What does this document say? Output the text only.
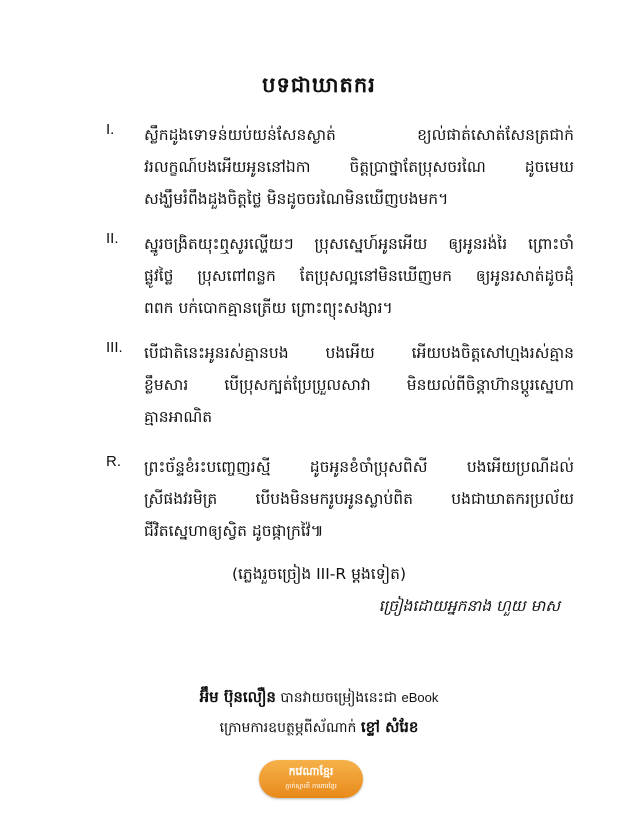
បទជាឃាតករ
I.	ស្លឹកដូងទោទន់យប់យន់សែនស្ងាត់ ខ្យល់ផាត់សោត់សែនត្រជាក់
វរលក្ខណ៍បងអើយអូននៅឯកា ចិត្តប្រាថ្នាតែប្រុសចរណៃ ដូចមេឃ
សង្ឃឹមរំពឹងដួងចិត្តថ្លៃ មិនដូចចរណៃមិនឃើញបងមក។
II.	ស្នូរចង្រិតយុះឮសូរល្ហើយៗ ប្រុសស្នេហ៍អូនអើយ ឲ្យអូនរង់រៃ ព្រោះចាំ
ផ្លូវថ្លៃ ប្រុសពៅពន្លក តែប្រុសល្អនៅមិនឃើញមក ឲ្យអូនរសាត់ដូចដុំ
ពពក បក់បោកគ្មានត្រើយ ព្រោះព្យុះសង្សារ។
III.	បើជាតិនេះអូនរស់គ្មានបង បងអើយ អើយបងចិត្តសៅហ្មងរស់គ្មាន
ខ្លឹមសារ បើប្រុសក្បត់ប្រែប្រួលសាវា មិនយល់ពីចិន្តាហ៊ានប្តូរស្នេហា
គ្មានអាណិត
R.	ព្រះច័ន្ទខំរះបញ្ចេញរស្មី ដូចអូនខំចាំប្រុសពិសី បងអើយប្រណីដល់
ស្រីផងវរមិត្រ បើបងមិនមករូបអូនស្លាប់ពិត បងជាឃាតករប្រល័យ
ជីវិតស្នេហាឲ្យស្វិត ដូចផ្កាក្រវ៉ៃ៕
(ភ្លេងរួចច្រៀង III-R ម្តងទៀត)
ច្រៀងដោយអ្នកនាង ហួយ មាស
អ៊ឹម ប៊ុនលឿន បានវាយចម្រៀងនេះជា eBook
ក្រោមការឧបត្ថម្ភពីស័ណាក់ ខ្ទៅ សំរែខ
កវេណាខ្មែរ
ភ្ញាក់ស្មារតី ការពារខ្មែរ
